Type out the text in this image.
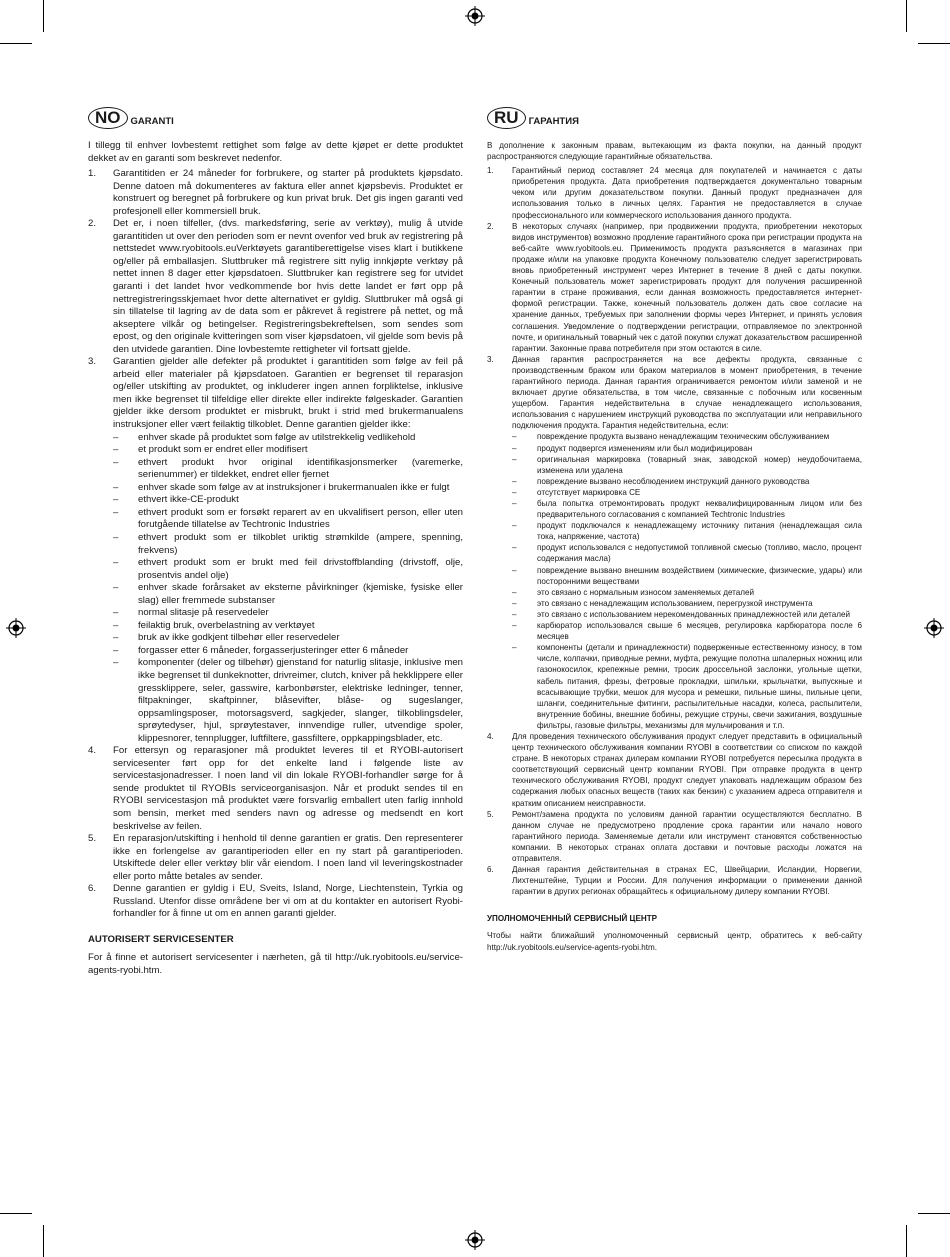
NO	GARANTI

I tillegg til enhver lovbestemt rettighet som følge av dette kjøpet er dette produktet dekket av en garanti som beskrevet nedenfor.

1. Garantitiden er 24 måneder for forbrukere, og starter på produktets kjøpsdato. Denne datoen må dokumenteres av faktura eller annet kjøpsbevis. Produktet er konstruert og beregnet på forbrukere og kun privat bruk. Det gis ingen garanti ved profesjonell eller kommersiell bruk.

2. Det er, i noen tilfeller, (dvs. markedsføring, serie av verktøy), mulig å utvide garantitiden ut over den perioden som er nevnt ovenfor ved bruk av registrering på nettstedet www.ryobitools.euVerktøyets garantiberettigelse vises klart i butikkene og/eller på emballasjen. Sluttbruker må registrere sitt nylig innkjøpte verktøy på nettet innen 8 dager etter kjøpsdatoen. Sluttbruker kan registrere seg for utvidet garanti i det landet hvor vedkommende bor hvis dette landet er ført opp på nettregistreringsskjemaet hvor dette alternativet er gyldig. Sluttbruker må også gi sin tillatelse til lagring av de data som er påkrevet å registrere på nettet, og må akseptere vilkår og betingelser. Registreringsbekreftelsen, som sendes som epost, og den originale kvitteringen som viser kjøpsdatoen, vil gjelde som bevis på den utvidede garantien. Dine lovbestemte rettigheter vil fortsatt gjelde.

3. Garantien gjelder alle defekter på produktet i garantitiden som følge av feil på arbeid eller materialer på kjøpsdatoen. Garantien er begrenset til reparasjon og/eller utskifting av produktet, og inkluderer ingen annen forpliktelse, inklusive men ikke begrenset til tilfeldige eller direkte eller indirekte følgeskader. Garantien gjelder ikke dersom produktet er misbrukt, brukt i strid med brukermanualens instruksjoner eller vært feilaktig tilkoblet. Denne garantien gjelder ikke:

– enhver skade på produktet som følge av utilstrekkelig vedlikehold

– et produkt som er endret eller modifisert

– ethvert produkt hvor original identifikasjonsmerker (varemerke, serienummer) er tildekket, endret eller fjernet

– enhver skade som følge av at instruksjoner i brukermanualen ikke er fulgt

– ethvert ikke-CE-produkt

– ethvert produkt som er forsøkt reparert av en ukvalifisert person, eller uten forutgående tillatelse av Techtronic Industries

– ethvert produkt som er tilkoblet uriktig strømkilde (ampere, spenning, frekvens)

– ethvert produkt som er brukt med feil drivstoffblanding (drivstoff, olje, prosentvis andel olje)

– enhver skade forårsaket av eksterne påvirkninger (kjemiske, fysiske eller slag) eller fremmede substanser

– normal slitasje på reservedeler

– feilaktig bruk, overbelastning av verktøyet

– bruk av ikke godkjent tilbehør eller reservedeler

– forgasser etter 6 måneder, forgasserjusteringer etter 6 måneder

– komponenter (deler og tilbehør) gjenstand for naturlig slitasje, inklusive men ikke begrenset til dunkeknotter, drivreimer, clutch, kniver på hekklippere eller gressklippere, seler, gasswire, karbonbørster, elektriske ledninger, tenner, filtpakninger, skaftpinner, blåsevifter, blåse- og sugeslanger, oppsamlingsposer, motorsagsverd, sagkjeder, slanger, tilkoblingsdeler, sprøytedyser, hjul, sprøytestaver, innvendige ruller, utvendige spoler, klippesnorer, tennplugger, luftfiltere, gassfiltere, oppkappingsblader, etc.

4. For ettersyn og reparasjoner må produktet leveres til et RYOBI-autorisert servicesenter ført opp for det enkelte land i følgende liste av servicestasjonadresser. I noen land vil din lokale RYOBI-forhandler sørge for å sende produktet til RYOBIs serviceorganisasjon. Når et produkt sendes til en RYOBI servicestasjon må produktet være forsvarlig emballert uten farlig innhold som bensin, merket med senders navn og adresse og medsendt en kort beskrivelse av feilen.

5. En reparasjon/utskifting i henhold til denne garantien er gratis. Den representerer ikke en forlengelse av garantiperioden eller en ny start på garantiperioden. Utskiftede deler eller verktøy blir vår eiendom. I noen land vil leveringskostnader eller porto måtte betales av sender.

6. Denne garantien er gyldig i EU, Sveits, Island, Norge, Liechtenstein, Tyrkia og Russland. Utenfor disse områdene ber vi om at du kontakter en autorisert Ryobi-forhandler for å finne ut om en annen garanti gjelder.

AUTORISERT SERVICESENTER

For å finne et autorisert servicesenter i nærheten, gå til http://uk.ryobitools.eu/service-agents-ryobi.htm.

RU	ГАРАНТИЯ

В дополнение к законным правам, вытекающим из факта покупки, на данный продукт распространяются следующие гарантийные обязательства.

1. Гарантийный период составляет 24 месяца для покупателей и начинается с даты приобретения продукта. Дата приобретения подтверждается документально товарным чеком или другим доказательством покупки. Данный продукт предназначен для использования только в личных целях. Гарантия не предоставляется в случае профессионального или коммерческого использования данного продукта.

2. В некоторых случаях (например, при продвижении продукта, приобретении некоторых видов инструментов) возможно продление гарантийного срока при регистрации продукта на веб-сайте www.ryobitools.eu. Применимость продукта разъясняется в магазинах при продаже и/или на упаковке продукта Конечному пользователю следует зарегистрировать вновь приобретенный инструмент через Интернет в течение 8 дней с даты покупки. Конечный пользователь может зарегистрировать продукт для получения расширенной гарантии в стране проживания, если данная возможность предоставляется интернет-формой регистрации. Также, конечный пользователь должен дать свое согласие на хранение данных, требуемых при заполнении формы через Интернет, и принять условия соглашения. Уведомление о подтверждении регистрации, отправляемое по электронной почте, и оригинальный товарный чек с датой покупки служат доказательством расширенной гарантии. Законные права потребителя при этом остаются в силе.

3. Данная гарантия распространяется на все дефекты продукта, связанные с производственным браком или браком материалов в момент приобретения, в течение гарантийного периода. Данная гарантия ограничивается ремонтом и/или заменой и не включает другие обязательства, в том числе, связанные с побочным или косвенным ущербом. Гарантия недействительна в случае ненадлежащего использования, использования с нарушением инструкций руководства по эксплуатации или неправильного подключения продукта. Гарантия недействительна, если:

–	повреждение продукта вызвано ненадлежащим техническим обслуживанием

–	продукт подвергся изменениям или был модифицирован

–	оригинальная маркировка (товарный знак, заводской номер) неудобочитаема, изменена или удалена

–	повреждение вызвано несоблюдением инструкций данного руководства

–	отсутствует маркировка CE

–	была попытка отремонтировать продукт неквалифицированным лицом или без предварительного согласования с компанией Techtronic Industries

–	продукт подключался к ненадлежащему источнику питания (ненадлежащая сила тока, напряжение, частота)

–	продукт использовался с недопустимой топливной смесью (топливо, масло, процент содержания масла)

–	повреждение вызвано внешним воздействием (химические, физические, удары) или посторонними веществами

–	это связано с нормальным износом заменяемых деталей

–	это связано с ненадлежащим использованием, перегрузкой инструмента

–	это связано с использованием нерекомендованных принадлежностей или деталей

–	карбюратор использовался свыше 6 месяцев, регулировка карбюратора после 6 месяцев

–	компоненты (детали и принадлежности) подверженные естественному износу, в том числе, колпачки, приводные ремни, муфта, режущие полотна шпалерных ножниц или газонокосилок, крепежные ремни, тросик дроссельной заслонки, угольные щетки, кабель питания, фрезы, фетровые прокладки, шпильки, крыльчатки, выпускные и всасывающие трубки, мешок для мусора и ремешки, пильные шины, пильные цепи, шланги, соединительные фитинги, распылительные насадки, колеса, распылители, внутренние бобины, внешние бобины, режущие струны, свечи зажигания, воздушные фильтры, газовые фильтры, механизмы для мульчирования и т.п.

4. Для проведения технического обслуживания продукт следует представить в официальный центр технического обслуживания компании RYOBI в соответствии со списком по каждой стране. В некоторых странах дилерам компании RYOBI потребуется пересылка продукта в соответствующий сервисный центр компании RYOBI. При отправке продукта в центр технического обслуживания RYOBI, продукт следует упаковать надлежащим образом без содержания любых опасных веществ (таких как бензин) с указанием адреса отправителя и кратким описанием неисправности.

5. Ремонт/замена продукта по условиям данной гарантии осуществляются бесплатно. В данном случае не предусмотрено продление срока гарантии или начало нового гарантийного периода. Заменяемые детали или инструмент становятся собственностью компании. В некоторых странах оплата доставки и почтовые расходы ложатся на отправителя.

6. Данная гарантия действительная в странах ЕС, Швейцарии, Исландии, Норвегии, Лихтенштейне, Турции и России. Для получения информации о применении данной гарантии в других регионах обращайтесь к официальному дилеру компании RYOBI.

УПОЛНОМОЧЕННЫЙ СЕРВИСНЫЙ ЦЕНТР

Чтобы найти ближайший уполномоченный сервисный центр, обратитесь к веб-сайту http://uk.ryobitools.eu/service-agents-ryobi.htm.
